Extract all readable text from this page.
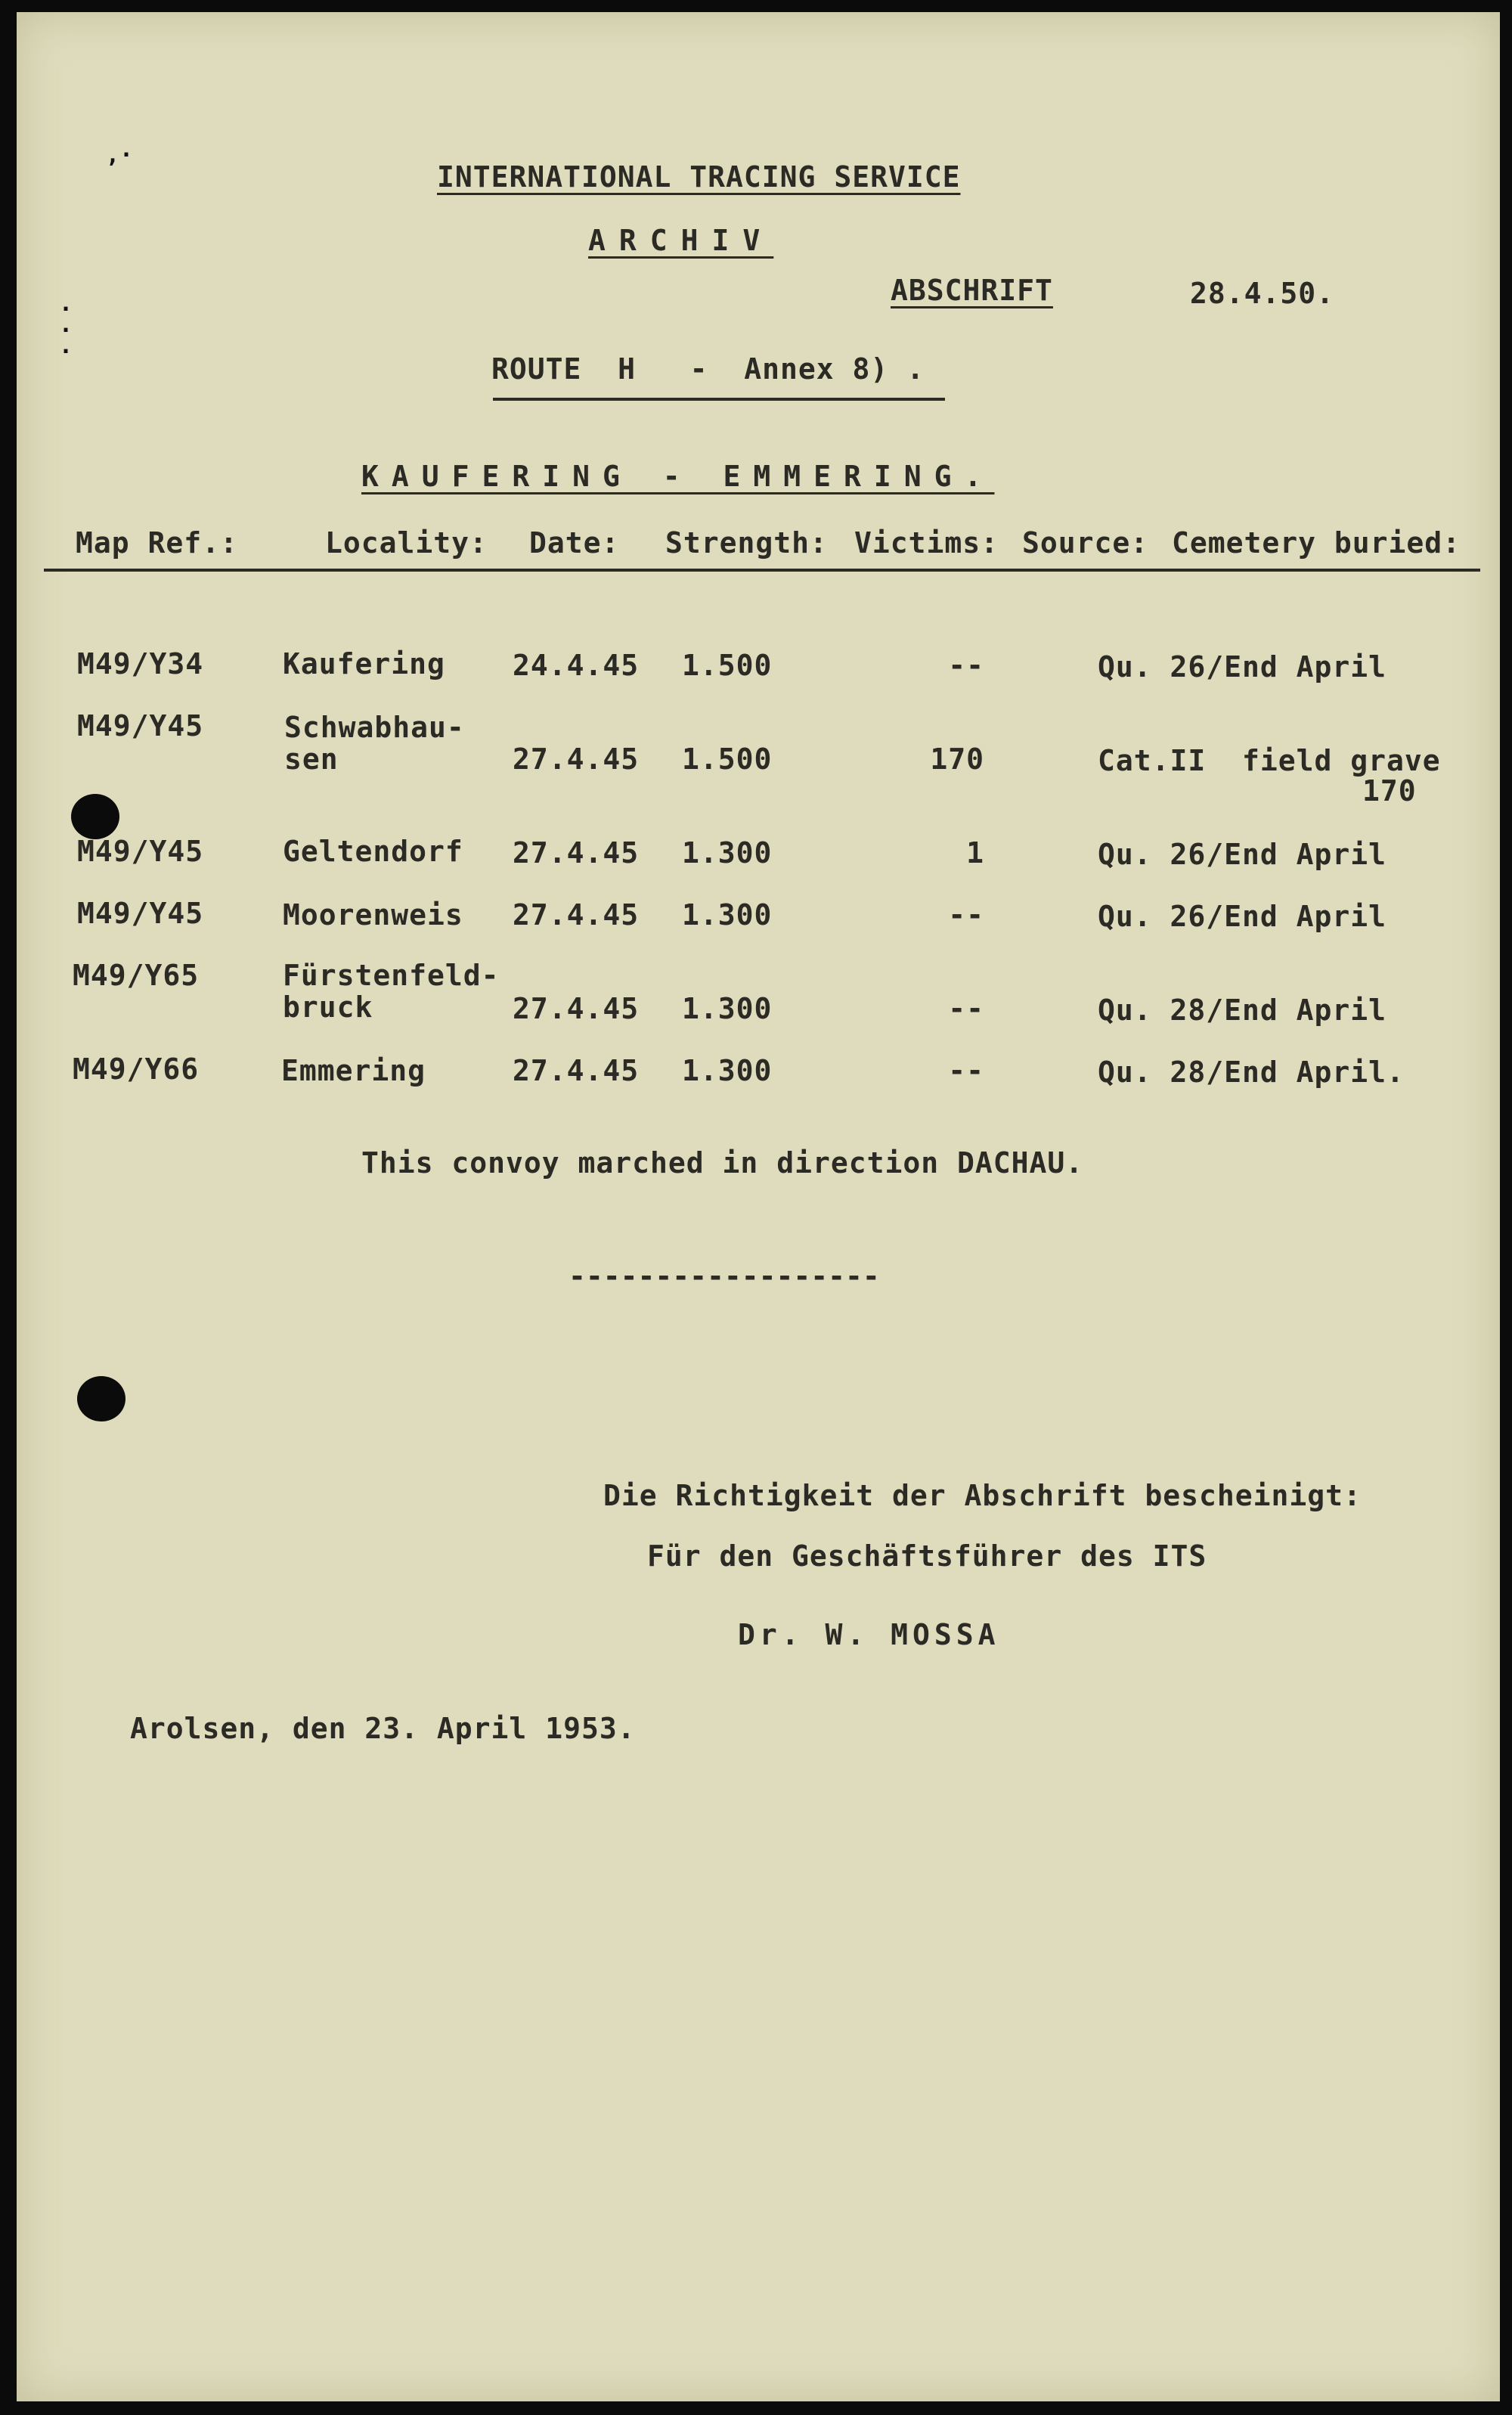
‚·
·
·
·
INTERNATIONAL TRACING SERVICE
ARCHIV
ABSCHRIFT	28.4.50.
ROUTE  H   -  Annex 8) .
KAUFERING - EMMERING.
Map Ref.:	Locality: Date: Strength: Victims: Source: Cemetery buried:
M49/Y34	Kaufering 24.4.45 1.500	--	Qu. 26/End April
M49/Y45	Schwabhau-
sen	27.4.45 1.500	170	Cat.II  field grave
170
M49/Y45	Geltendorf 27.4.45 1.300	1	Qu. 26/End April
M49/Y45	Moorenweis 27.4.45 1.300	--	Qu. 26/End April
M49/Y65	Fürstenfeld-
bruck	27.4.45 1.300	--	Qu. 28/End April
M49/Y66	Emmering	27.4.45 1.300	--	Qu. 28/End April.
This convoy marched in direction DACHAU.
------------------
Die Richtigkeit der Abschrift bescheinigt:
Für den Geschäftsführer des ITS
Dr. W. MOSSA
Arolsen, den 23. April 1953.
